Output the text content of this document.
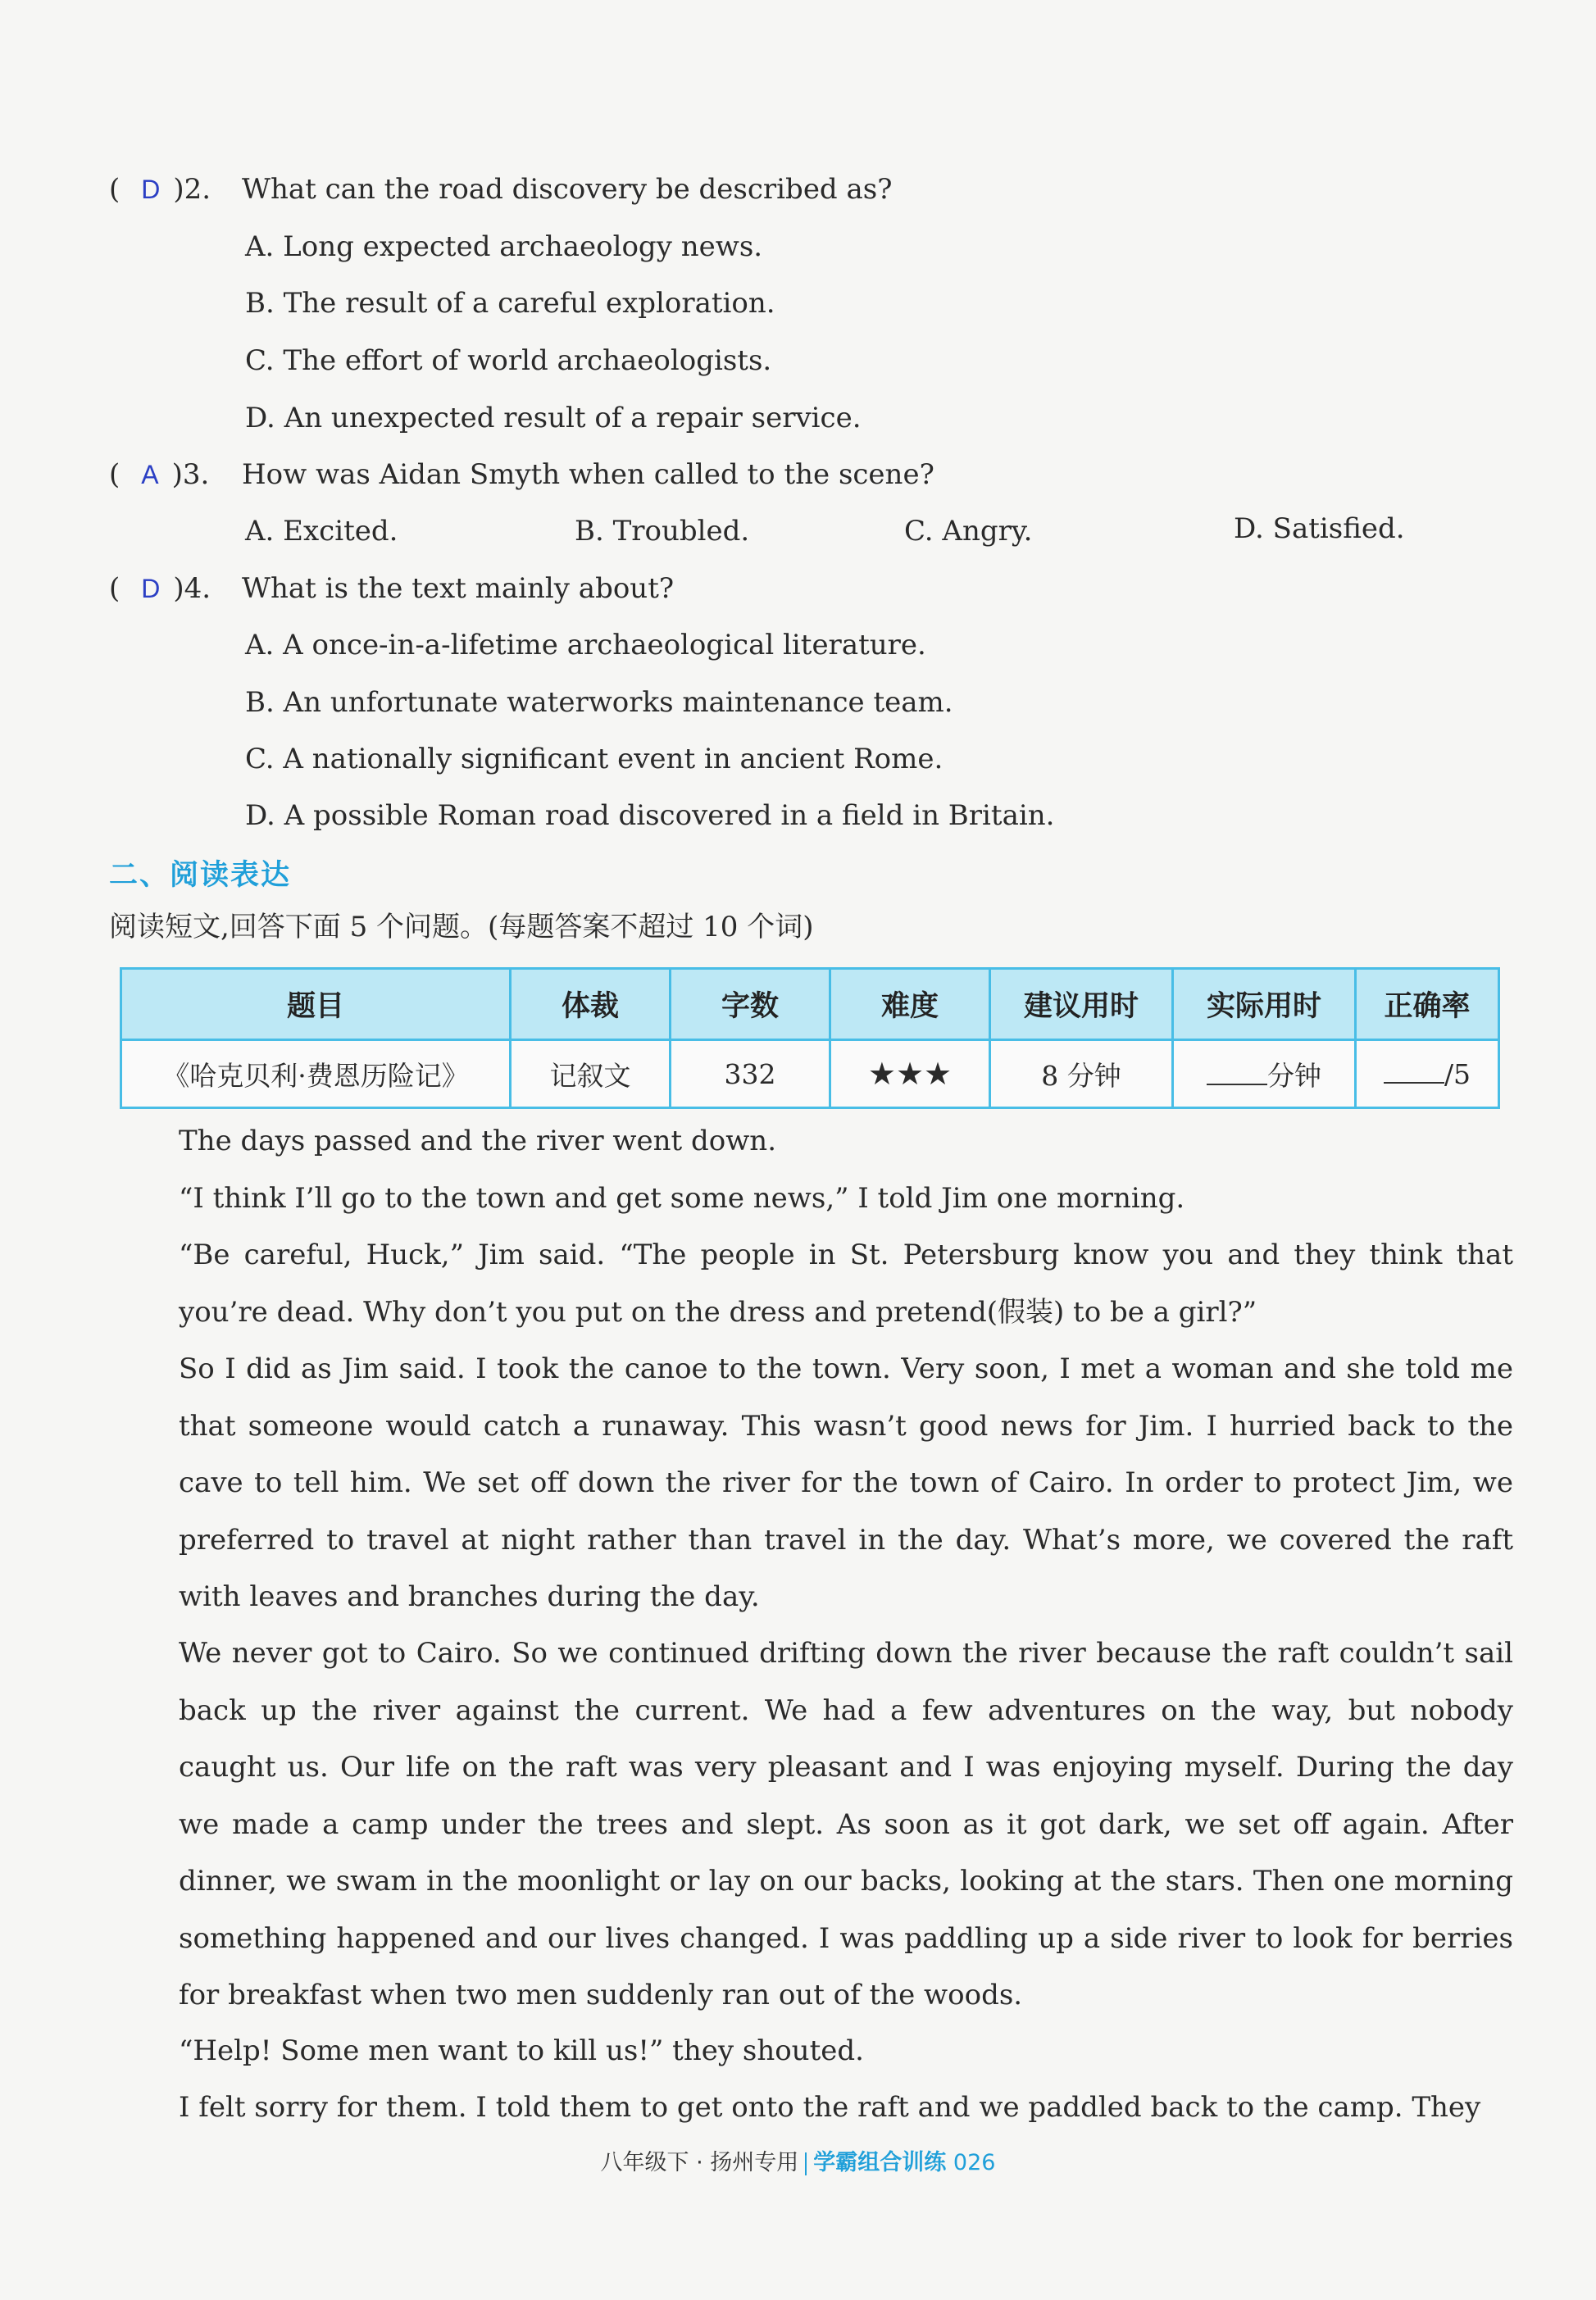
( D )2. What can the road discovery be described as?
A. Long expected archaeology news.
B. The result of a careful exploration.
C. The effort of world archaeologists.
D. An unexpected result of a repair service.
( A )3. How was Aidan Smyth when called to the scene?
A. Excited.	B. Troubled.	C. Angry.	D. Satisfied.
( D )4. What is the text mainly about?
A. A once-in-a-lifetime archaeological literature.
B. An unfortunate waterworks maintenance team.
C. A nationally significant event in ancient Rome.
D. A possible Roman road discovered in a field in Britain.
二、阅读表达
阅读短文,回答下面 5 个问题。(每题答案不超过 10 个词)
题目	体裁	字数	难度	建议用时	实际用时	正确率
《哈克贝利·费恩历险记》	记叙文	332	★★★	8 分钟	分钟	/5
The days passed and the river went down.
“I think I’ll go to the town and get some news,” I told Jim one morning.
“Be careful, Huck,” Jim said. “The people in St. Petersburg know you and they think that you’re dead. Why don’t you put on the dress and pretend(假装) to be a girl?”
So I did as Jim said. I took the canoe to the town. Very soon, I met a woman and she told me that someone would catch a runaway. This wasn’t good news for Jim. I hurried back to the cave to tell him. We set off down the river for the town of Cairo. In order to protect Jim, we preferred to travel at night rather than travel in the day. What’s more, we covered the raft with leaves and branches during the day.
We never got to Cairo. So we continued drifting down the river because the raft couldn’t sail back up the river against the current. We had a few adventures on the way, but nobody caught us. Our life on the raft was very pleasant and I was enjoying myself. During the day we made a camp under the trees and slept. As soon as it got dark, we set off again. After dinner, we swam in the moonlight or lay on our backs, looking at the stars. Then one morning something happened and our lives changed. I was paddling up a side river to look for berries for breakfast when two men suddenly ran out of the woods.
“Help! Some men want to kill us!” they shouted.
I felt sorry for them. I told them to get onto the raft and we paddled back to the camp. They
八年级下 · 扬州专用 学霸组合训练 026
